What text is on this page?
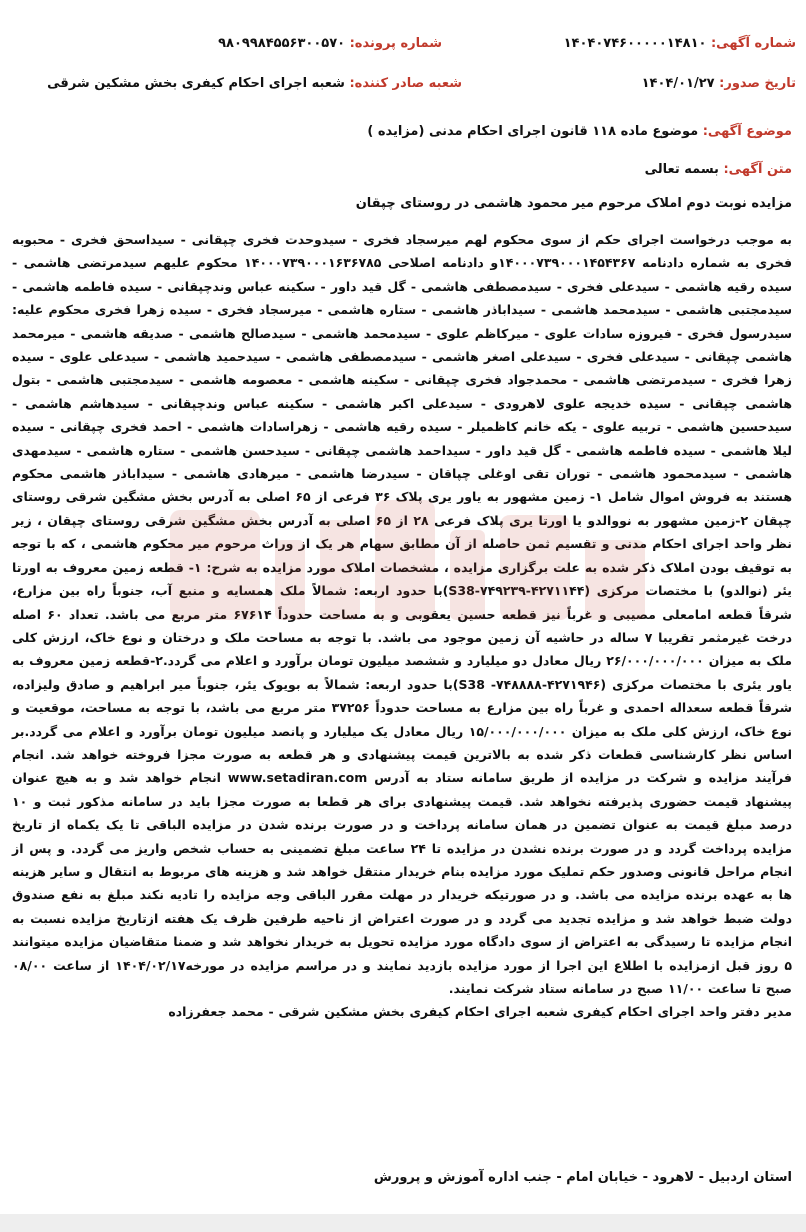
شماره آگهی: ۱۴۰۴۰۷۴۶۰۰۰۰۰۱۴۸۱۰
شماره پرونده: ۹۸۰۹۹۸۴۵۵۶۳۰۰۵۷۰
تاریخ صدور: ۱۴۰۴/۰۱/۲۷
شعبه صادر کننده: شعبه اجرای احکام کیفری بخش مشکین شرقی
موضوع آگهی: موضوع ماده ۱۱۸ قانون اجرای احکام مدنی (مزایده )
متن آگهی: بسمه تعالی
مزایده نوبت دوم املاک مرحوم میر محمود هاشمی در روستای چپقان

به موجب درخواست اجرای حکم از سوی محکوم لهم میرسجاد فخری - سیدوحدت فخری چپقانی - سیداسحق فخری - محبوبه فخری به شماره دادنامه ۱۴۰۰۰۷۳۹۰۰۰۱۴۵۴۳۶۷و دادنامه اصلاحی ۱۴۰۰۰۷۳۹۰۰۰۱۶۳۶۷۸۵ محکوم علیهم سیدمرتضی هاشمی - سیده رقیه هاشمی - سیدعلی فخری - سیدمصطفی هاشمی - گل قید داور - سکینه عباس وندچپقانی - سیده فاطمه هاشمی - سیدمجتبی هاشمی - سیدمحمد هاشمی - سیداباذر هاشمی - ستاره هاشمی - میرسجاد فخری - سیده زهرا فخری محکوم علیه: سیدرسول فخری - فیروزه سادات علوی - میرکاظم علوی - سیدمحمد هاشمی - سیدصالح هاشمی - صدیقه هاشمی - میرمحمد هاشمی چپقانی - سیدعلی فخری - سیدعلی اصغر هاشمی - سیدمصطفی هاشمی - سیدحمید هاشمی - سیدعلی علوی - سیده زهرا فخری - سیدمرتضی هاشمی - محمدجواد فخری چپقانی - سکینه هاشمی - معصومه هاشمی - سیدمجتبی هاشمی - بتول هاشمی چپقانی - سیده خدیجه علوی لاهرودی - سیدعلی اکبر هاشمی - سکینه عباس وندچپقانی - سیدهاشم هاشمی - سیدحسین هاشمی - تربیه علوی - یکه خانم کاظمیلر - سیده رقیه هاشمی - زهراسادات هاشمی - احمد فخری چپقانی - سیده لیلا هاشمی - سیده فاطمه هاشمی - گل قید داور - سیداحمد هاشمی چپقانی - سیدحسن هاشمی - ستاره هاشمی - سیدمهدی هاشمی - سیدمحمود هاشمی - توران تقی اوغلی چپاقان - سیدرضا هاشمی - میرهادی هاشمی - سیداباذر هاشمی محکوم هستند به فروش اموال شامل ۱- زمین مشهور به یاور یری پلاک ۳۶ فرعی از ۶۵ اصلی به آدرس بخش مشگین شرقی روستای چپقان ۲-زمین مشهور به نووالدو یا اورتا یری پلاک فرعی ۲۸ از ۶۵ اصلی به آدرس بخش مشگین شرقی روستای چپقان ، زیر نظر واحد اجرای احکام مدنی و تقسیم ثمن حاصله از آن مطابق سهام هر یک از وراث مرحوم میر محکوم هاشمی ، که با توجه به توقیف بودن املاک ذکر شده به علت برگزاری مزایده ، مشخصات املاک مورد مزایده به شرح: ۱- قطعه زمین معروف به اورتا یئر (نوالدو) با مختصات مرکزی (۴۲۷۱۱۴۴-۷۴۹۲۳۹-S38)با حدود اربعه: شمالاً ملک همسایه و منبع آب، جنوباً راه بین مزارع، شرقاً قطعه امامعلی مصیبی و غرباً نیز قطعه حسین یعقوبی و به مساحت حدوداً ۶۷۶۱۴ متر مربع می باشد. تعداد ۶۰ اصله درخت غیرمثمر تقریبا ۷ ساله در حاشیه آن زمین موجود می باشد. با توجه به مساحت ملک و درختان و نوع خاک، ارزش کلی ملک به میزان ۲۶/۰۰۰/۰۰۰/۰۰۰ ریال معادل دو میلیارد و ششصد میلیون تومان برآورد و اعلام می گردد.۲-قطعه زمین معروف به یاور یئری با مختصات مرکزی (۴۲۷۱۹۴۶-۷۴۸۸۸۸- S38)با حدود اربعه: شمالاً به بویوک یئر، جنوباً میر ابراهیم و صادق ولیزاده، شرقاً قطعه سعداله احمدی و غرباً راه بین مزارع به مساحت حدوداً ۳۷۲۵۶ متر مربع می باشد، با توجه به مساحت، موقعیت و نوع خاک، ارزش کلی ملک به میزان ۱۵/۰۰۰/۰۰۰/۰۰۰ ریال معادل یک میلیارد و پانصد میلیون تومان برآورد و اعلام می گردد.بر اساس نظر کارشناسی قطعات ذکر شده به بالاترین قیمت پیشنهادی و هر قطعه به صورت مجزا فروخته خواهد شد. انجام فرآیند مزایده و شرکت در مزایده از طریق سامانه ستاد به آدرس www.setadiran.com انجام خواهد شد و به هیچ عنوان پیشنهاد قیمت حضوری پذیرفته نخواهد شد. قیمت پیشنهادی برای هر قطعا به صورت مجزا باید در سامانه مذکور ثبت و ۱۰ درصد مبلغ قیمت به عنوان تضمین در همان سامانه پرداخت و در صورت برنده شدن در مزایده الباقی تا یک یکماه از تاریخ مزایده پرداخت گردد و در صورت برنده نشدن در مزایده تا ۲۴ ساعت مبلغ تضمینی به حساب شخص واریز می گردد. و پس از انجام مراحل قانونی وصدور حکم تملیک مورد مزایده بنام خریدار منتقل خواهد شد و هزینه های مربوط به انتقال و سایر هزینه ها به عهده برنده مزایده می باشد. و در صورتیکه خریدار در مهلت مقرر الباقی وجه مزایده را تادیه نکند مبلغ به نفع صندوق دولت ضبط خواهد شد و مزایده تجدید می گردد و در صورت اعتراض از ناحیه طرفین ظرف یک هفته ازتاریخ مزایده نسبت به انجام مزایده تا رسیدگی به اعتراض از سوی دادگاه مورد مزایده تحویل به خریدار نخواهد شد و ضمنا متقاضیان مزایده میتوانند ۵ روز قبل ازمزایده با اطلاع این اجرا از مورد مزایده بازدید نمایند و در مراسم مزایده در مورخه۱۴۰۴/۰۲/۱۷ از ساعت ۰۸/۰۰ صبح تا ساعت ۱۱/۰۰ صبح در سامانه ستاد شرکت نمایند.

مدیر دفتر واحد اجرای احکام کیفری شعبه اجرای احکام کیفری بخش مشکین شرقی - محمد جعفرزاده

استان اردبیل - لاهرود - خیابان امام - جنب اداره آموزش و پرورش
